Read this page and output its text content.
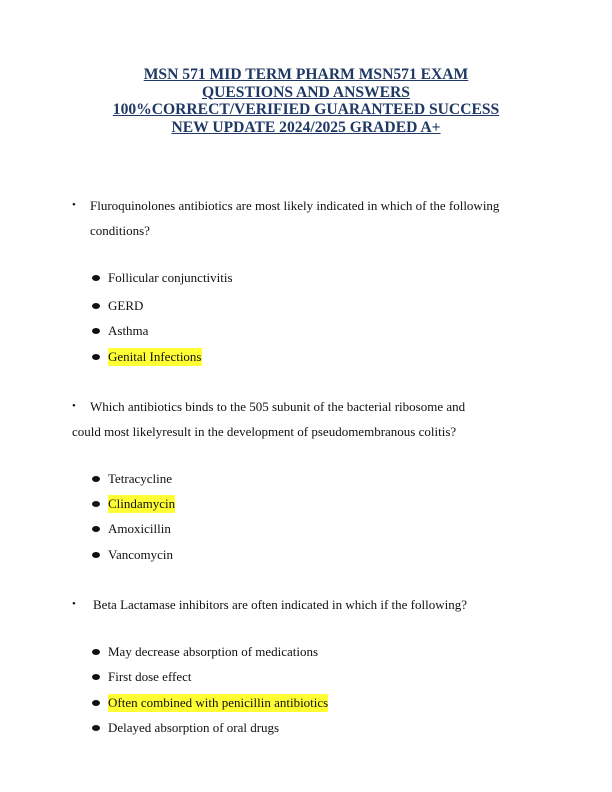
MSN 571 MID TERM PHARM MSN571 EXAM
QUESTIONS AND ANSWERS
100%CORRECT/VERIFIED GUARANTEED SUCCESS
NEW UPDATE 2024/2025 GRADED A+
• Fluroquinolones antibiotics are most likely indicated in which of the following conditions?
Follicular conjunctivitis
GERD
Asthma
Genital Infections
• Which antibiotics binds to the 505 subunit of the bacterial ribosome and
could most likelyresult in the development of pseudomembranous colitis?
Tetracycline
Clindamycin
Amoxicillin
Vancomycin
• Beta Lactamase inhibitors are often indicated in which if the following?
May decrease absorption of medications
First dose effect
Often combined with penicillin antibiotics
Delayed absorption of oral drugs
